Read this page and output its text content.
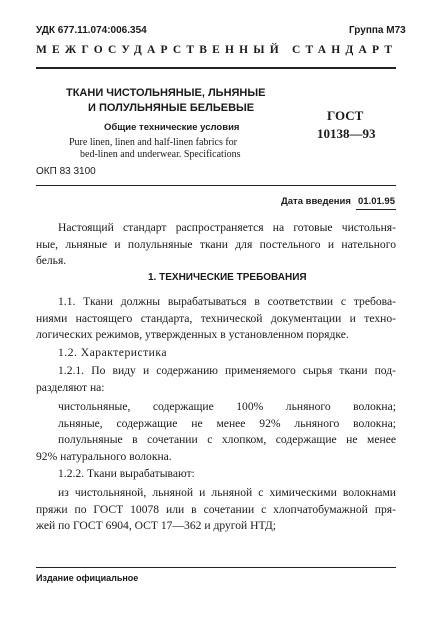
УДК 677.11.074:006.354	Группа М73
МЕЖГОСУДАРСТВЕННЫЙ СТАНДАРТ
ТКАНИ ЧИСТОЛЬНЯНЫЕ, ЛЬНЯНЫЕ
И ПОЛУЛЬНЯНЫЕ БЕЛЬЕВЫЕ
Общие технические условия
Pure linen, linen and half-linen fabrics for
bed-linen and underwear. Specifications
ГОСТ
10138—93
ОКП 83 3100
Дата введения 01.01.95
Настоящий стандарт распространяется на готовые чистольня-
ные, льняные и полульняные ткани для постельного и нательного
белья.
1. ТЕХНИЧЕСКИЕ ТРЕБОВАНИЯ
1.1. Ткани должны вырабатываться в соответствии с требова-
ниями настоящего стандарта, технической документации и техно-
логических режимов, утвержденных в установленном порядке.
1.2. Характеристика
1.2.1. По виду и содержанию применяемого сырья ткани под-
разделяют на:
чистольняные, содержащие 100% льняного волокна;
льняные, содержащие не менее 92% льняного волокна;
полульняные в сочетании с хлопком, содержащие не менее
92% натурального волокна.
1.2.2. Ткани вырабатывают:
из чистольняной, льняной и льняной с химическими волокнами
пряжи по ГОСТ 10078 или в сочетании с хлопчатобумажной пря-
жей по ГОСТ 6904, ОСТ 17—362 и другой НТД;
Издание официальное
